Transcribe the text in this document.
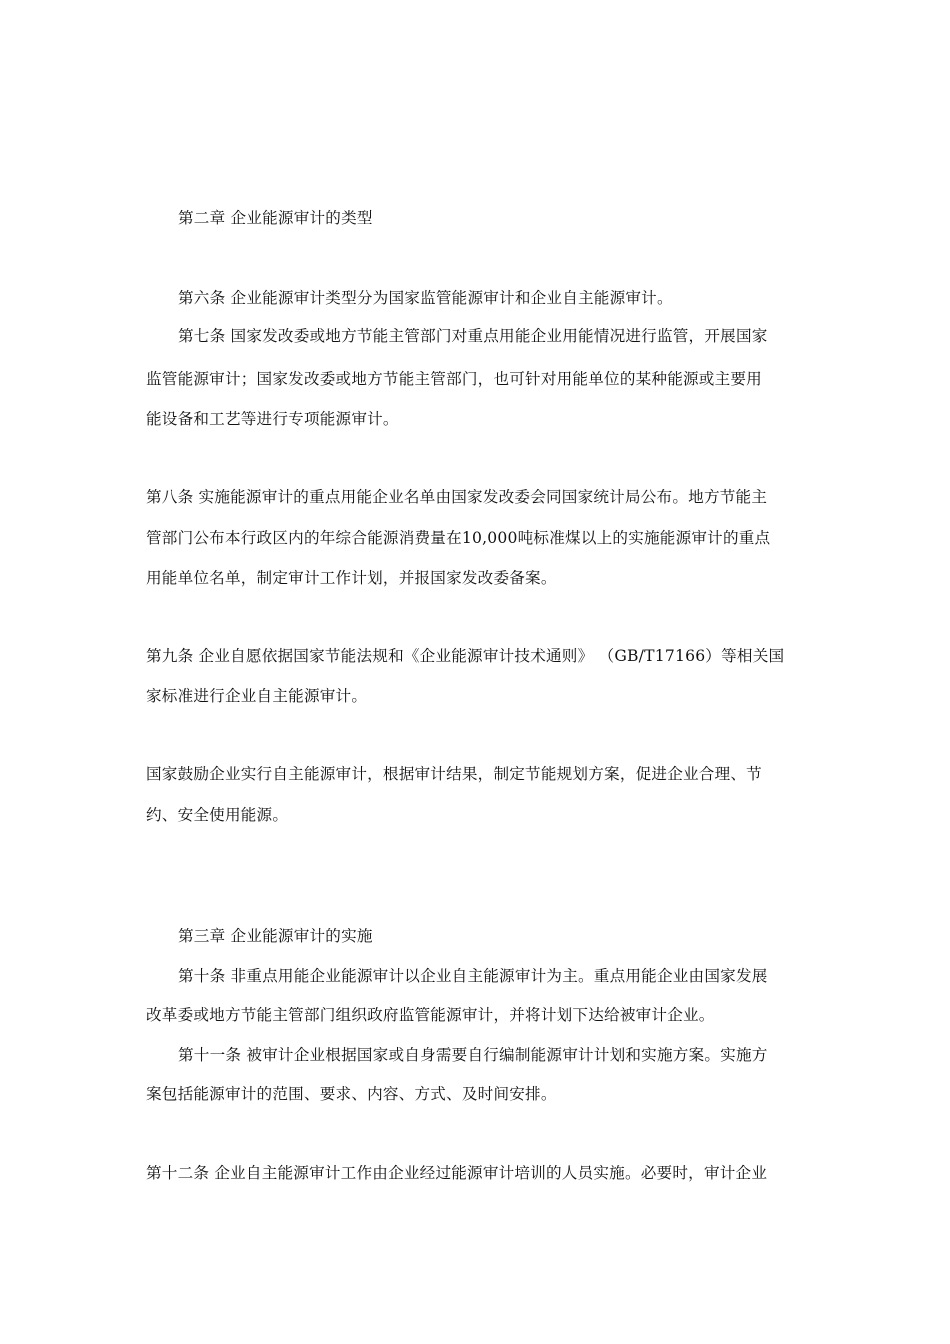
第二章 企业能源审计的类型

第六条 企业能源审计类型分为国家监管能源审计和企业自主能源审计。

第七条 国家发改委或地方节能主管部门对重点用能企业用能情况进行监管，开展国家

监管能源审计；国家发改委或地方节能主管部门，也可针对用能单位的某种能源或主要用

能设备和工艺等进行专项能源审计。

第八条 实施能源审计的重点用能企业名单由国家发改委会同国家统计局公布。地方节能主

管部门公布本行政区内的年综合能源消费量在10,000吨标准煤以上的实施能源审计的重点

用能单位名单，制定审计工作计划，并报国家发改委备案。

第九条 企业自愿依据国家节能法规和《企业能源审计技术通则》 （GB/T17166）等相关国

家标准进行企业自主能源审计。

国家鼓励企业实行自主能源审计，根据审计结果，制定节能规划方案，促进企业合理、节

约、安全使用能源。

第三章 企业能源审计的实施

第十条 非重点用能企业能源审计以企业自主能源审计为主。重点用能企业由国家发展

改革委或地方节能主管部门组织政府监管能源审计，并将计划下达给被审计企业。

第十一条 被审计企业根据国家或自身需要自行编制能源审计计划和实施方案。实施方

案包括能源审计的范围、要求、内容、方式、及时间安排。

第十二条 企业自主能源审计工作由企业经过能源审计培训的人员实施。必要时，审计企业
